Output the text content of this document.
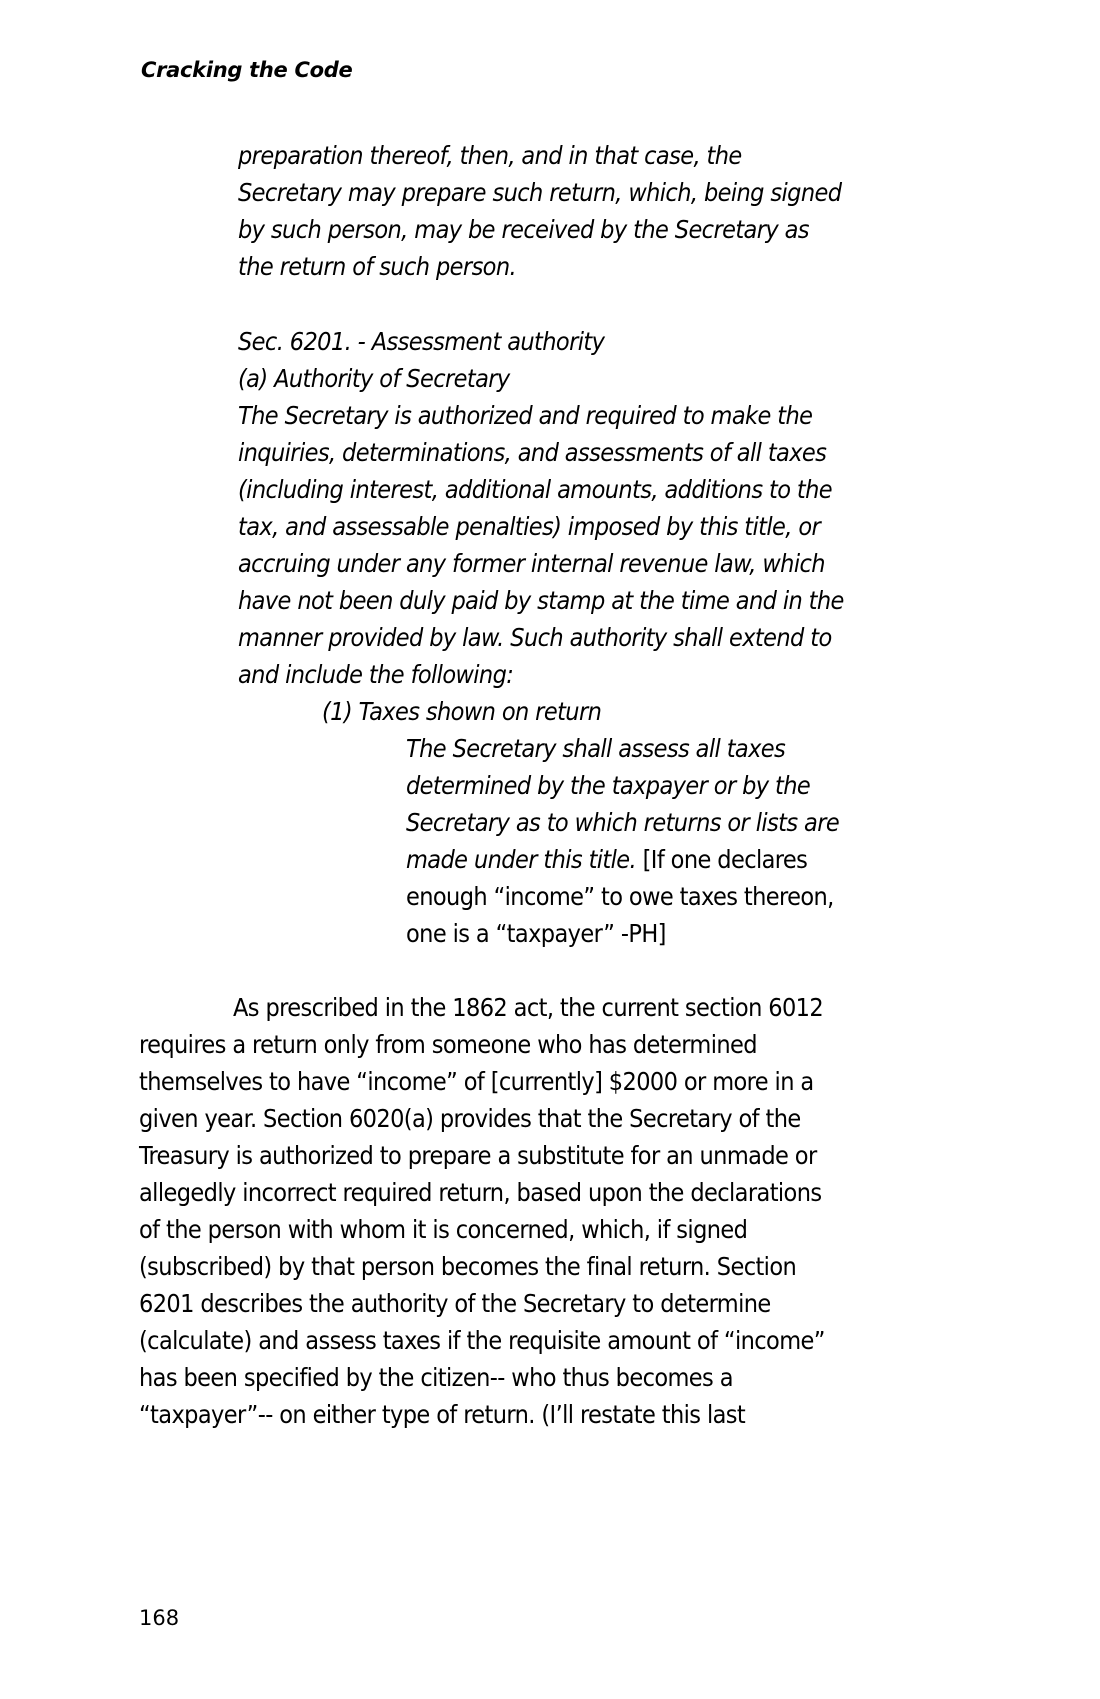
Cracking the Code
preparation thereof, then, and in that case, the
Secretary may prepare such return, which, being signed
by such person, may be received by the Secretary as
the return of such person.
Sec. 6201. - Assessment authority
(a) Authority of Secretary
The Secretary is authorized and required to make the
inquiries, determinations, and assessments of all taxes
(including interest, additional amounts, additions to the
tax, and assessable penalties) imposed by this title, or
accruing under any former internal revenue law, which
have not been duly paid by stamp at the time and in the
manner provided by law. Such authority shall extend to
and include the following:
(1) Taxes shown on return
The Secretary shall assess all taxes
determined by the taxpayer or by the
Secretary as to which returns or lists are
made under this title. [If one declares
enough “income” to owe taxes thereon,
one is a “taxpayer” -PH]
As prescribed in the 1862 act, the current section 6012
requires a return only from someone who has determined
themselves to have “income” of [currently] $2000 or more in a
given year. Section 6020(a) provides that the Secretary of the
Treasury is authorized to prepare a substitute for an unmade or
allegedly incorrect required return, based upon the declarations
of the person with whom it is concerned, which, if signed
(subscribed) by that person becomes the final return. Section
6201 describes the authority of the Secretary to determine
(calculate) and assess taxes if the requisite amount of “income”
has been specified by the citizen-- who thus becomes a
“taxpayer”-- on either type of return. (I’ll restate this last
168
